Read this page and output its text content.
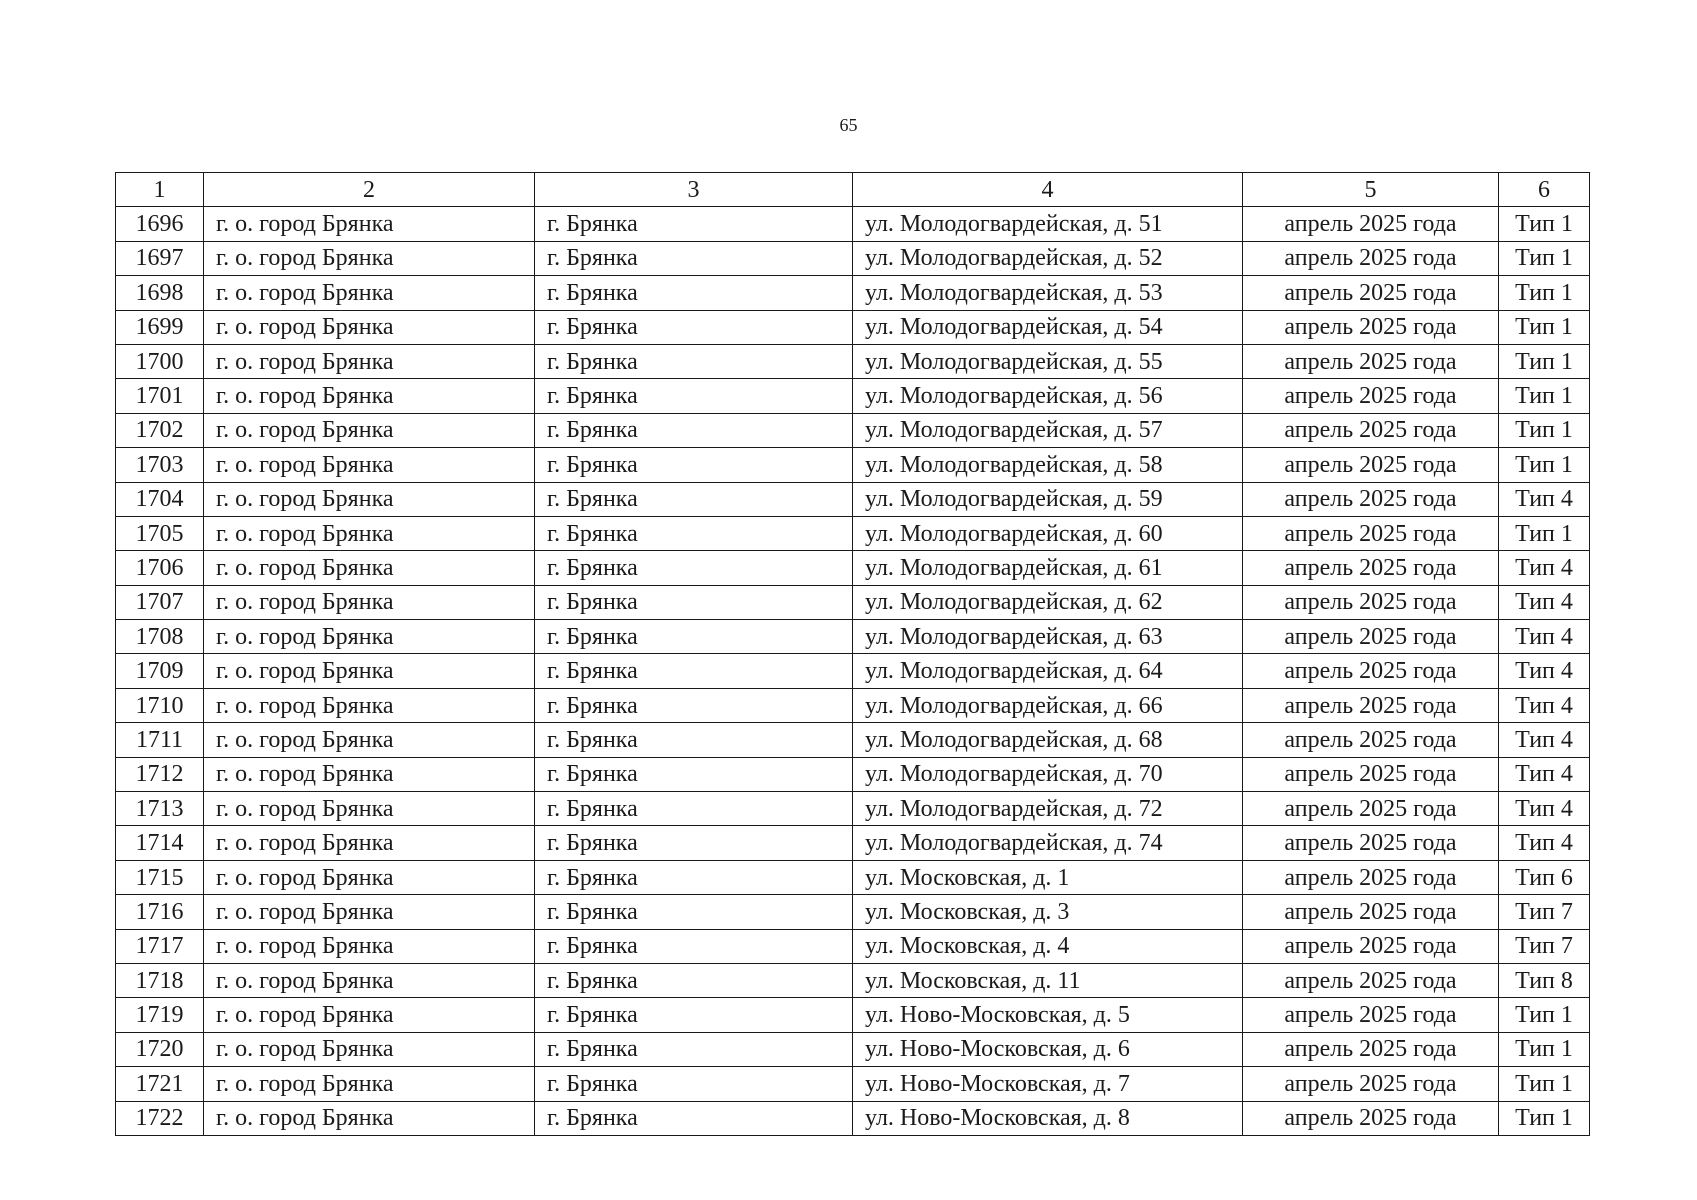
65
1	2	3	4	5	6
1696	г. о. город Брянка	г. Брянка	ул. Молодогвардейская, д. 51	апрель 2025 года	Тип 1
1697	г. о. город Брянка	г. Брянка	ул. Молодогвардейская, д. 52	апрель 2025 года	Тип 1
1698	г. о. город Брянка	г. Брянка	ул. Молодогвардейская, д. 53	апрель 2025 года	Тип 1
1699	г. о. город Брянка	г. Брянка	ул. Молодогвардейская, д. 54	апрель 2025 года	Тип 1
1700	г. о. город Брянка	г. Брянка	ул. Молодогвардейская, д. 55	апрель 2025 года	Тип 1
1701	г. о. город Брянка	г. Брянка	ул. Молодогвардейская, д. 56	апрель 2025 года	Тип 1
1702	г. о. город Брянка	г. Брянка	ул. Молодогвардейская, д. 57	апрель 2025 года	Тип 1
1703	г. о. город Брянка	г. Брянка	ул. Молодогвардейская, д. 58	апрель 2025 года	Тип 1
1704	г. о. город Брянка	г. Брянка	ул. Молодогвардейская, д. 59	апрель 2025 года	Тип 4
1705	г. о. город Брянка	г. Брянка	ул. Молодогвардейская, д. 60	апрель 2025 года	Тип 1
1706	г. о. город Брянка	г. Брянка	ул. Молодогвардейская, д. 61	апрель 2025 года	Тип 4
1707	г. о. город Брянка	г. Брянка	ул. Молодогвардейская, д. 62	апрель 2025 года	Тип 4
1708	г. о. город Брянка	г. Брянка	ул. Молодогвардейская, д. 63	апрель 2025 года	Тип 4
1709	г. о. город Брянка	г. Брянка	ул. Молодогвардейская, д. 64	апрель 2025 года	Тип 4
1710	г. о. город Брянка	г. Брянка	ул. Молодогвардейская, д. 66	апрель 2025 года	Тип 4
1711	г. о. город Брянка	г. Брянка	ул. Молодогвардейская, д. 68	апрель 2025 года	Тип 4
1712	г. о. город Брянка	г. Брянка	ул. Молодогвардейская, д. 70	апрель 2025 года	Тип 4
1713	г. о. город Брянка	г. Брянка	ул. Молодогвардейская, д. 72	апрель 2025 года	Тип 4
1714	г. о. город Брянка	г. Брянка	ул. Молодогвардейская, д. 74	апрель 2025 года	Тип 4
1715	г. о. город Брянка	г. Брянка	ул. Московская, д. 1	апрель 2025 года	Тип 6
1716	г. о. город Брянка	г. Брянка	ул. Московская, д. 3	апрель 2025 года	Тип 7
1717	г. о. город Брянка	г. Брянка	ул. Московская, д. 4	апрель 2025 года	Тип 7
1718	г. о. город Брянка	г. Брянка	ул. Московская, д. 11	апрель 2025 года	Тип 8
1719	г. о. город Брянка	г. Брянка	ул. Ново-Московская, д. 5	апрель 2025 года	Тип 1
1720	г. о. город Брянка	г. Брянка	ул. Ново-Московская, д. 6	апрель 2025 года	Тип 1
1721	г. о. город Брянка	г. Брянка	ул. Ново-Московская, д. 7	апрель 2025 года	Тип 1
1722	г. о. город Брянка	г. Брянка	ул. Ново-Московская, д. 8	апрель 2025 года	Тип 1
